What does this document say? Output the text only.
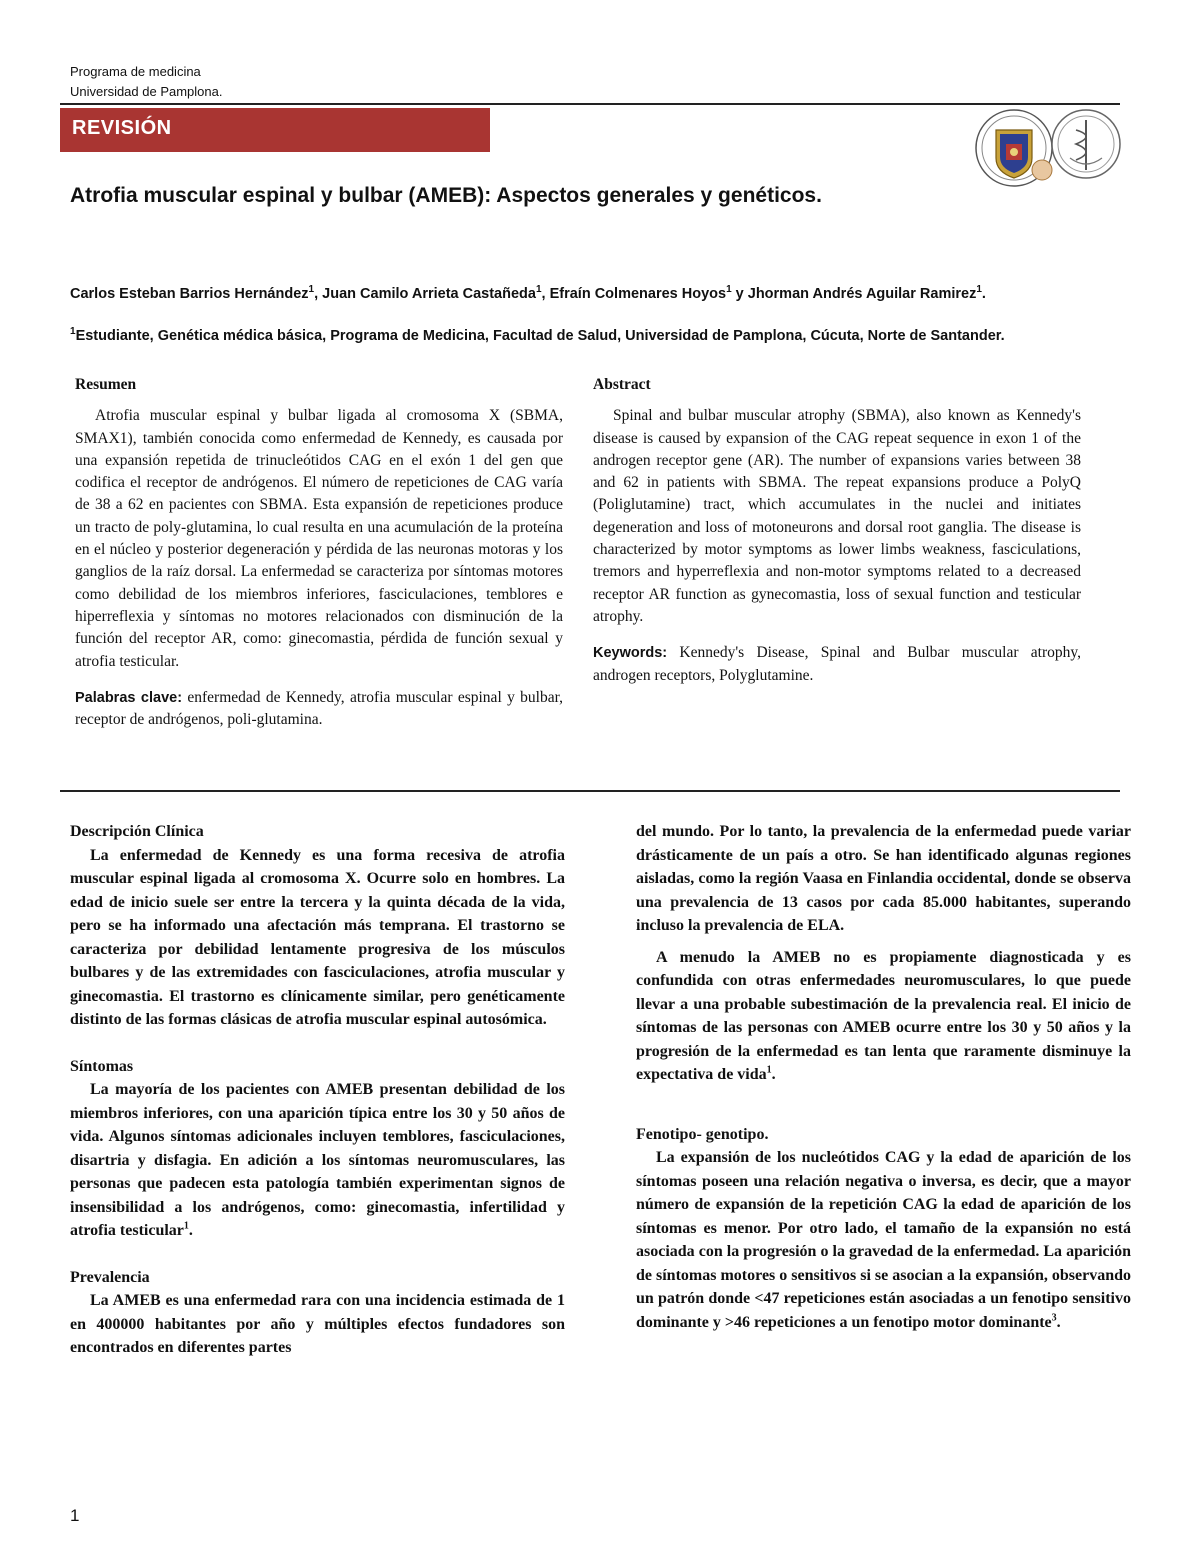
Programa de medicina
Universidad de Pamplona.
REVISIÓN
Atrofia muscular espinal y bulbar (AMEB): Aspectos generales y genéticos.
Carlos Esteban Barrios Hernández$^1$, Juan Camilo Arrieta Castañeda$^1$, Efraín Colmenares Hoyos$^1$ y Jhorman Andrés Aguilar Ramirez$^1$.
$^1$Estudiante, Genética médica básica, Programa de Medicina, Facultad de Salud, Universidad de Pamplona, Cúcuta, Norte de Santander.
Resumen

Atrofia muscular espinal y bulbar ligada al cromosoma X (SBMA, SMAX1), también conocida como enfermedad de Kennedy, es causada por una expansión repetida de trinucleótidos CAG en el exón 1 del gen que codifica el receptor de andrógenos. El número de repeticiones de CAG varía de 38 a 62 en pacientes con SBMA. Esta expansión de repeticiones produce un tracto de poly-glutamina, lo cual resulta en una acumulación de la proteína en el núcleo y posterior degeneración y pérdida de las neuronas motoras y los ganglios de la raíz dorsal. La enfermedad se caracteriza por síntomas motores como debilidad de los miembros inferiores, fasciculaciones, temblores e hiperreflexia y síntomas no motores relacionados con disminución de la función del receptor AR, como: ginecomastia, pérdida de función sexual y atrofia testicular.

Palabras clave: enfermedad de Kennedy, atrofia muscular espinal y bulbar, receptor de andrógenos, poli-glutamina.

Abstract

Spinal and bulbar muscular atrophy (SBMA), also known as Kennedy's disease is caused by expansion of the CAG repeat sequence in exon 1 of the androgen receptor gene (AR). The number of expansions varies between 38 and 62 in patients with SBMA. The repeat expansions produce a PolyQ (Poliglutamine) tract, which accumulates in the nuclei and initiates degeneration and loss of motoneurons and dorsal root ganglia. The disease is characterized by motor symptoms as lower limbs weakness, fasciculations, tremors and hyperreflexia and non-motor symptoms related to a decreased receptor AR function as gynecomastia, loss of sexual function and testicular atrophy.

Keywords: Kennedy's Disease, Spinal and Bulbar muscular atrophy, androgen receptors, Polyglutamine.

Descripción Clínica

La enfermedad de Kennedy es una forma recesiva de atrofia muscular espinal ligada al cromosoma X. Ocurre solo en hombres. La edad de inicio suele ser entre la tercera y la quinta década de la vida, pero se ha informado una afectación más temprana. El trastorno se caracteriza por debilidad lentamente progresiva de los músculos bulbares y de las extremidades con fasciculaciones, atrofia muscular y ginecomastia. El trastorno es clínicamente similar, pero genéticamente distinto de las formas clásicas de atrofia muscular espinal autosómica.

Síntomas

La mayoría de los pacientes con AMEB presentan debilidad de los miembros inferiores, con una aparición típica entre los 30 y 50 años de vida. Algunos síntomas adicionales incluyen temblores, fasciculaciones, disartria y disfagia. En adición a los síntomas neuromusculares, las personas que padecen esta patología también experimentan signos de insensibilidad a los andrógenos, como: ginecomastia, infertilidad y atrofia testicular$^1$.

Prevalencia

La AMEB es una enfermedad rara con una incidencia estimada de 1 en 400000 habitantes por año y múltiples efectos fundadores son encontrados en diferentes partes

del mundo. Por lo tanto, la prevalencia de la enfermedad puede variar drásticamente de un país a otro. Se han identificado algunas regiones aisladas, como la región Vaasa en Finlandia occidental, donde se observa una prevalencia de 13 casos por cada 85.000 habitantes, superando incluso la prevalencia de ELA.

A menudo la AMEB no es propiamente diagnosticada y es confundida con otras enfermedades neuromusculares, lo que puede llevar a una probable subestimación de la prevalencia real. El inicio de síntomas de las personas con AMEB ocurre entre los 30 y 50 años y la progresión de la enfermedad es tan lenta que raramente disminuye la expectativa de vida$^1$.

Fenotipo- genotipo.

La expansión de los nucleótidos CAG y la edad de aparición de los síntomas poseen una relación negativa o inversa, es decir, que a mayor número de expansión de la repetición CAG la edad de aparición de los síntomas es menor. Por otro lado, el tamaño de la expansión no está asociada con la progresión o la gravedad de la enfermedad. La aparición de síntomas motores o sensitivos si se asocian a la expansión, observando un patrón donde <47 repeticiones están asociadas a un fenotipo sensitivo dominante y >46 repeticiones a un fenotipo motor dominante$^3$.

1
